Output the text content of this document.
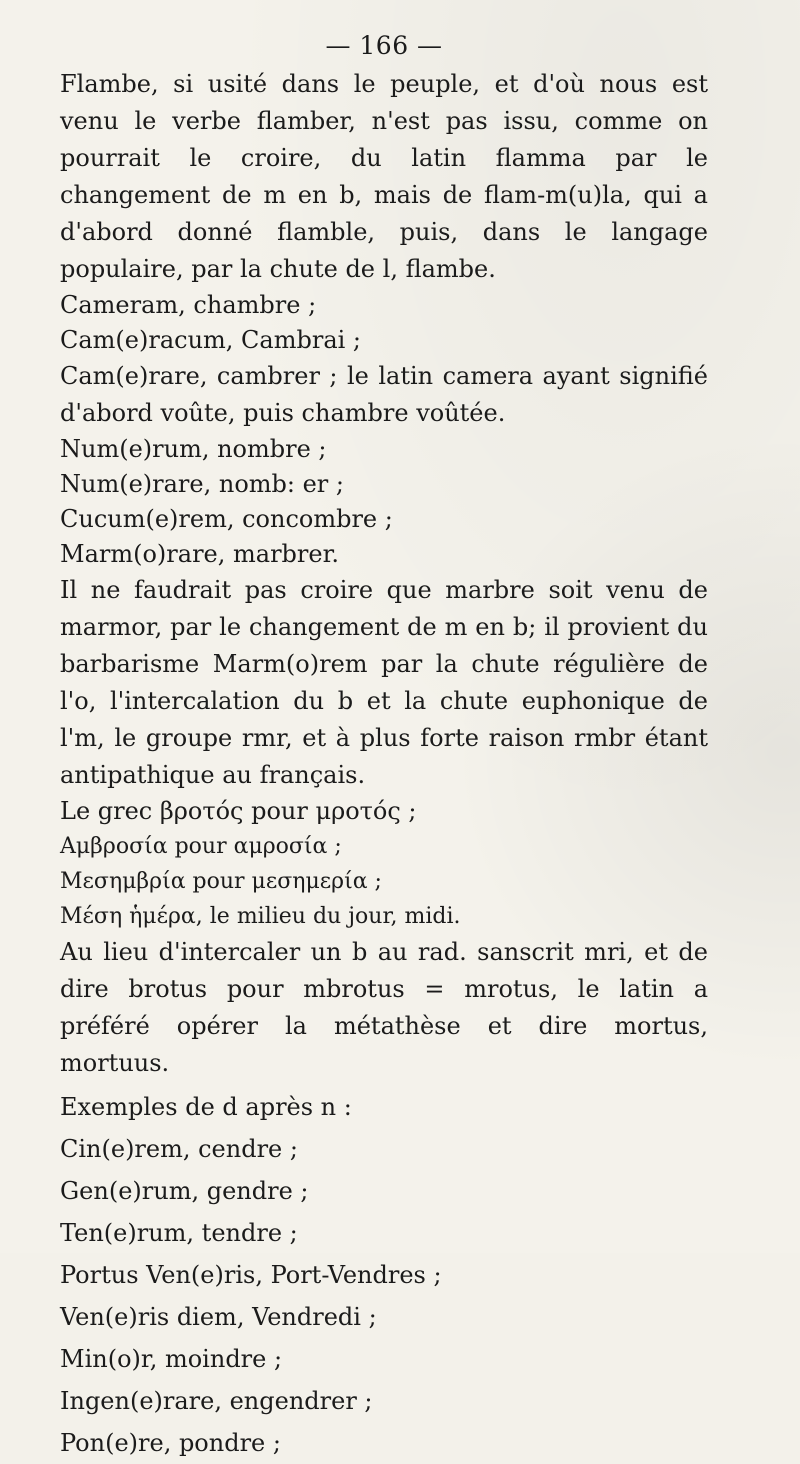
— 166 —

Flambe, si usité dans le peuple, et d'où nous est venu le verbe flamber, n'est pas issu, comme on pourrait le croire, du latin flamma par le changement de m en b, mais de flam-m(u)la, qui a d'abord donné flamble, puis, dans le langage populaire, par la chute de l, flambe.

Cameram, chambre ;

Cam(e)racum, Cambrai ;

Cam(e)rare, cambrer ; le latin camera ayant signifié d'abord voûte, puis chambre voûtée.

Num(e)rum, nombre ;

Num(e)rare, nomb: er ;

Cucum(e)rem, concombre ;

Marm(o)rare, marbrer.

Il ne faudrait pas croire que marbre soit venu de marmor, par le changement de m en b; il provient du barbarisme Marm(o)rem par la chute régulière de l'o, l'intercalation du b et la chute euphonique de l'm, le groupe rmr, et à plus forte raison rmbr étant antipathique au français.

Le grec βροτός pour μροτός ;

Αμβροσία pour αμροσία ;

Μεσημβρία pour μεσημερία ;

Μέση ἡμέρα, le milieu du jour, midi.

Au lieu d'intercaler un b au rad. sanscrit mri, et de dire brotus pour mbrotus = mrotus, le latin a préféré opérer la métathèse et dire mortus, mortuus.

Exemples de d après n :

Cin(e)rem, cendre ;

Gen(e)rum, gendre ;

Ten(e)rum, tendre ;

Portus Ven(e)ris, Port-Vendres ;

Ven(e)ris diem, Vendredi ;

Min(o)r, moindre ;

Ingen(e)rare, engendrer ;

Pon(e)re, pondre ;
